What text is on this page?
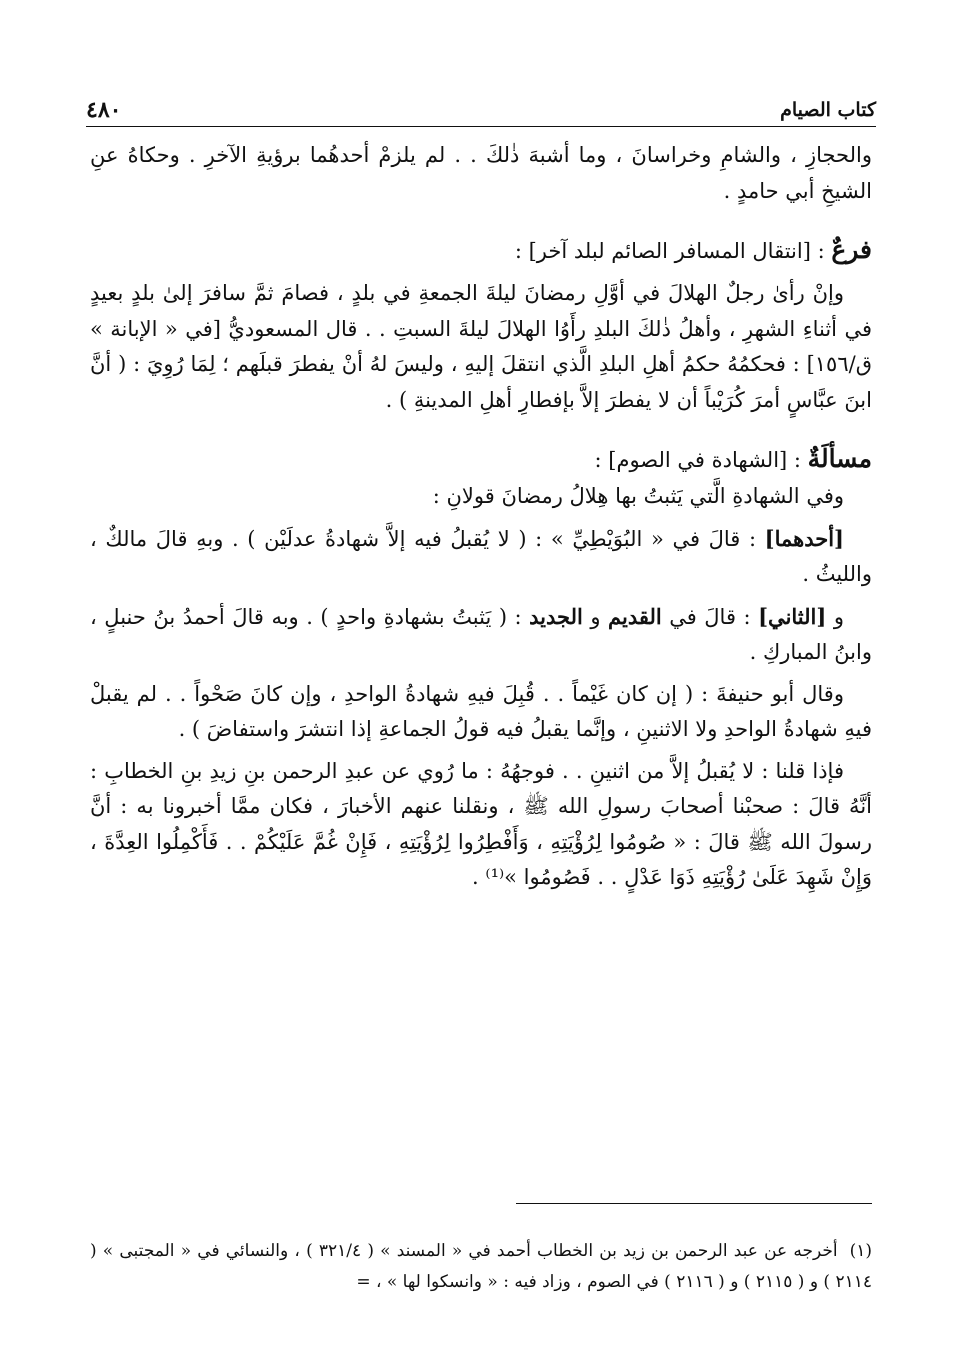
كتاب الصيام
٤٨٠

والحجازِ ، والشامِ وخراسانَ ، وما أشبهَ ذٰلكَ . . لم يلزمْ أحدهُما برؤيةِ الآخرِ . وحكاهُ عنِ الشيخِ أبي حامدٍ .

فرعٌ : [انتقال المسافر الصائم لبلد آخر] :

وإنْ رأىٰ رجلٌ الهلالَ في أوَّلِ رمضانَ ليلةَ الجمعةِ في بلدٍ ، فصامَ ثمَّ سافرَ إلىٰ بلدٍ بعيدٍ في أثناءِ الشهرِ ، وأهلُ ذٰلكَ البلدِ رأَوُا الهلالَ ليلةَ السبتِ . . قال المسعوديُّ [في « الإبانة » ق/١٥٦] : فحكمُهُ حكمُ أهلِ البلدِ الَّذي انتقلَ إليهِ ، وليسَ لهُ أنْ يفطرَ قبلَهم ؛ لِمَا رُوِيَ : ( أنَّ ابنَ عبَّاسٍ أمرَ كُرَيْباً أن لا يفطرَ إلاَّ بإفطارِ أهلِ المدينةِ ) .

مسألَةٌ : [الشهادة في الصوم] :

وفي الشهادةِ الَّتي يَثبتُ بها هِلالُ رمضانَ قولانِ :

[أحدهما] : قالَ في « البُوَيْطِيِّ » : ( لا يُقبلُ فيه إلاَّ شهادةُ عدلَيْن ) . وبهِ قالَ مالكٌ ، والليثُ .

و [الثاني] : قالَ في القديم و الجديد : ( يَثبتُ بشهادةِ واحدٍ ) . وبه قالَ أحمدُ بنُ حنبلٍ ، وابنُ المباركِ .

وقال أبو حنيفةَ : ( إن كان غَيْماً . . قُبِلَ فيهِ شهادةُ الواحدِ ، وإن كانَ صَحْواً . . لم يقبلْ فيهِ شهادةُ الواحدِ ولا الاثنينِ ، وإنَّما يقبلُ فيه قولُ الجماعةِ إذا انتشرَ واستفاضَ ) .

فإذا قلنا : لا يُقبلُ إلاَّ من اثنينِ . . فوجهُهُ : ما رُوي عن عبدِ الرحمن بنِ زيدِ بنِ الخطابِ : أنَّهُ قالَ : صحبْنا أصحابَ رسولِ الله ﷺ ، ونقلنا عنهم الأخبارَ ، فكان ممَّا أخبرونا به : أنَّ رسولَ الله ﷺ قالَ : « صُومُوا لِرُؤْيَتِهِ ، وَأَفْطِرُوا لِرُؤْيَتِهِ ، فَإِنْ غُمَّ عَلَيْكُمْ . . فَأَكْمِلُوا العِدَّةَ ، وَإِنْ شَهِدَ عَلَىٰ رُؤْيَتِهِ ذَوَا عَدْلٍ . . فَصُومُوا »⁽¹⁾ .

(١)أخرجه عن عبد الرحمن بن زيد بن الخطاب أحمد في « المسند » ( ٣٢١/٤ ) ، والنسائي في « المجتبى » ( ٢١١٤ ) و ( ٢١١٥ ) و ( ٢١١٦ ) في الصوم ، وزاد فيه : « وانسكوا لها » ، =
